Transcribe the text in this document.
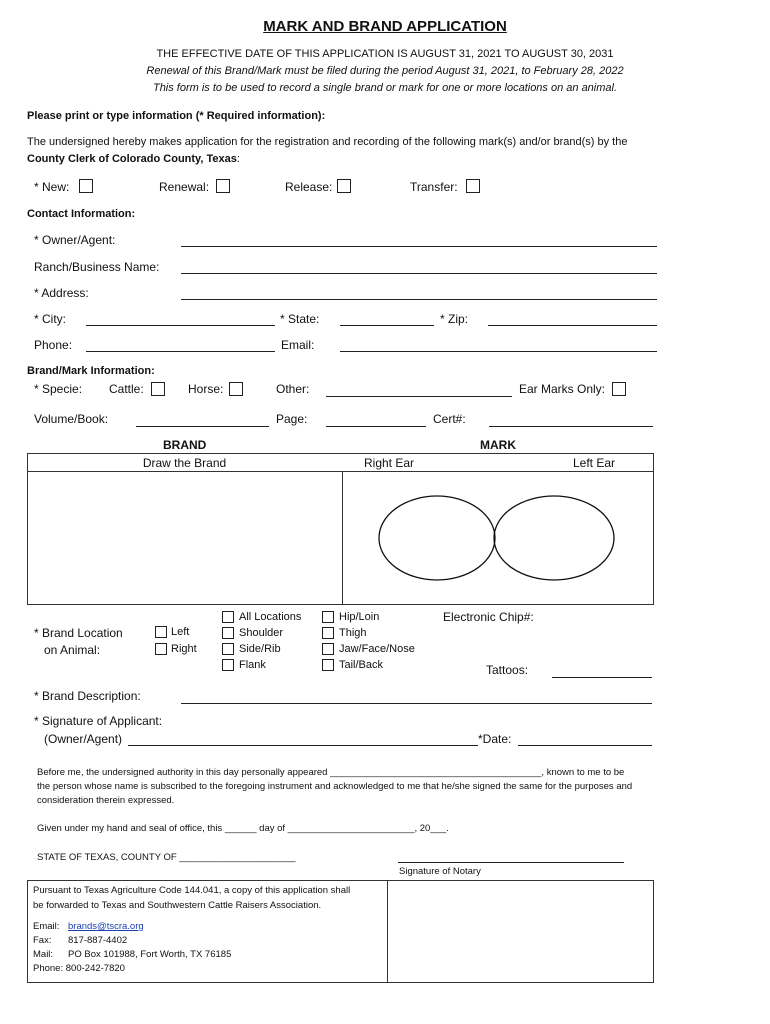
MARK AND BRAND APPLICATION
THE EFFECTIVE DATE OF THIS APPLICATION IS AUGUST 31, 2021 TO AUGUST 30, 2031
Renewal of this Brand/Mark must be filed during the period August 31, 2021, to February 28, 2022
This form is to be used to record a single brand or mark for one or more locations on an animal.
Please print or type information (* Required information):
The undersigned hereby makes application for the registration and recording of the following mark(s) and/or brand(s) by the
County Clerk of Colorado County, Texas:
* New:	Renewal:	Release:	Transfer:
Contact Information:
* Owner/Agent:
Ranch/Business Name:
* Address:
* City:	* State:	* Zip:
Phone:	Email:
Brand/Mark Information:
* Specie: Cattle:	Horse:	Other:	Ear Marks Only:
Volume/Book:	Page:	Cert#:
BRAND	MARK
Draw the Brand	Right Ear	Left Ear
* Brand Location
on Animal:
Left
Right
All Locations
Shoulder
Side/Rib
Flank
Hip/Loin
Thigh
Jaw/Face/Nose
Tail/Back
Electronic Chip#:
Tattoos:
* Brand Description:
* Signature of Applicant:
(Owner/Agent)	*Date:
Before me, the undersigned authority in this day personally appeared ________________________________________, known to me to be
the person whose name is subscribed to the foregoing instrument and acknowledged to me that he/she signed the same for the purposes and
consideration therein expressed.
Given under my hand and seal of office, this ______ day of ________________________, 20___.
STATE OF TEXAS, COUNTY OF ______________________
Signature of Notary
Pursuant to Texas Agriculture Code 144.041, a copy of this application shall
be forwarded to Texas and Southwestern Cattle Raisers Association.
Email: brands@tscra.org
Fax: 817-887-4402
Mail: PO Box 101988, Fort Worth, TX 76185
Phone: 800-242-7820
